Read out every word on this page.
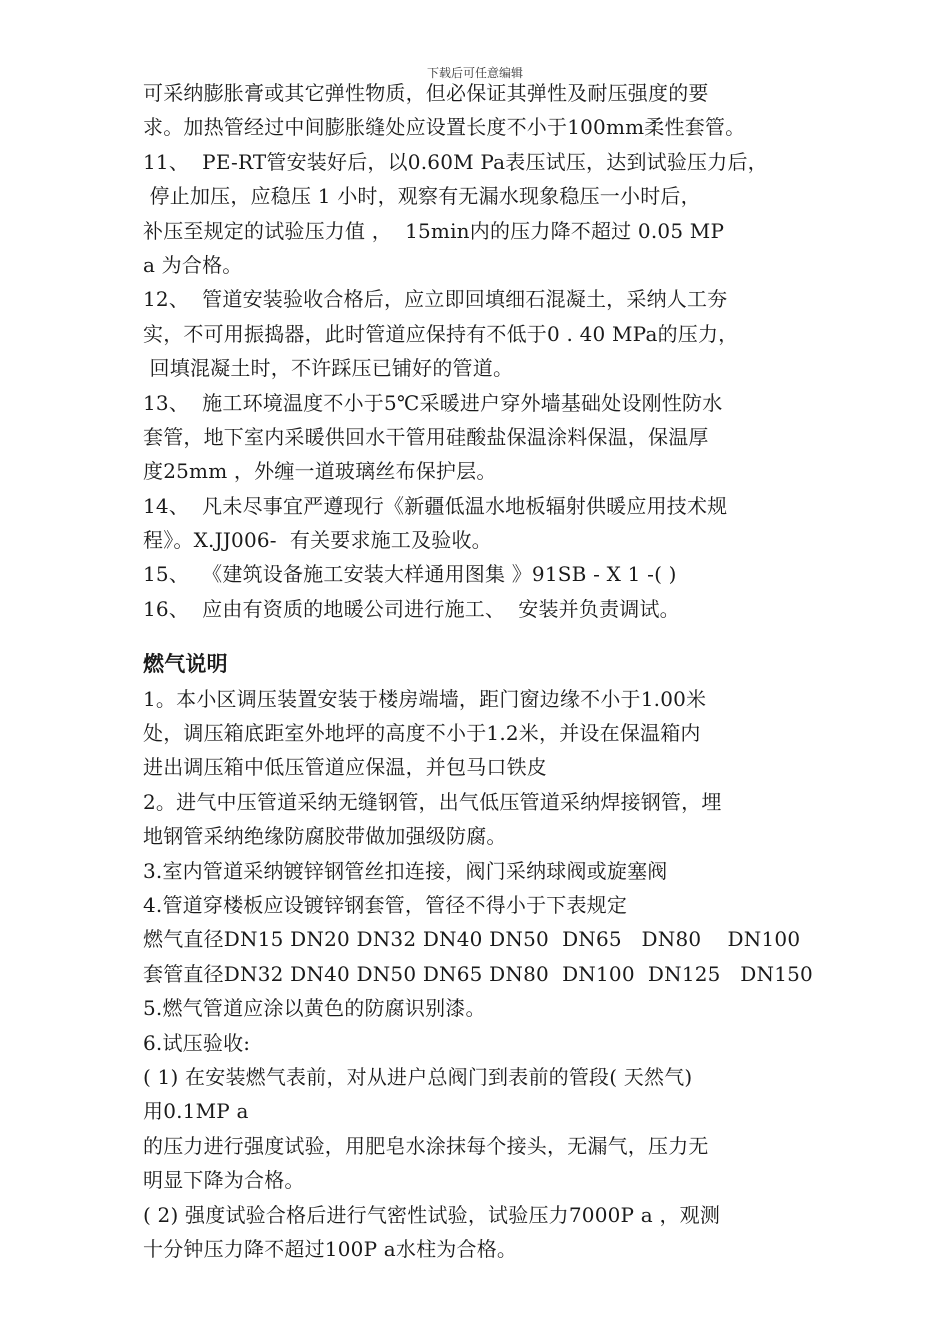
下载后可任意编辑
可采纳膨胀膏或其它弹性物质，但必保证其弹性及耐压强度的要
求。加热管经过中间膨胀缝处应设置长度不小于100mm柔性套管。
11、  PE-RT管安装好后，以0.60M Pa表压试压，达到试验压力后，
停止加压，应稳压 1 小时，观察有无漏水现象稳压一小时后，
补压至规定的试验压力值 ，  15min内的压力降不超过 0.05 MP
a 为合格。
12、  管道安装验收合格后，应立即回填细石混凝土，采纳人工夯
实，不可用振捣器，此时管道应保持有不低于0 . 40 MPa的压力，
回填混凝土时，不许踩压已铺好的管道。
13、  施工环境温度不小于5℃采暖进户穿外墙基础处设刚性防水
套管，地下室内采暖供回水干管用硅酸盐保温涂料保温，保温厚
度25mm ，外缠一道玻璃丝布保护层。
14、  凡未尽事宜严遵现行《新疆低温水地板辐射供暖应用技术规
程》。X.JJ006-  有关要求施工及验收。
15、  《建筑设备施工安装大样通用图集 》91SB - X 1 -( )
16、  应由有资质的地暖公司进行施工、  安装并负责调试。
燃气说明
1。本小区调压装置安装于楼房端墙，距门窗边缘不小于1.00米
处，调压箱底距室外地坪的高度不小于1.2米，并设在保温箱内
进出调压箱中低压管道应保温，并包马口铁皮
2。进气中压管道采纳无缝钢管，出气低压管道采纳焊接钢管，埋
地钢管采纳绝缘防腐胶带做加强级防腐。
3.室内管道采纳镀锌钢管丝扣连接，阀门采纳球阀或旋塞阀
4.管道穿楼板应设镀锌钢套管，管径不得小于下表规定
燃气直径DN15 DN20 DN32 DN40 DN50  DN65   DN80    DN100
套管直径DN32 DN40 DN50 DN65 DN80  DN100  DN125   DN150
5.燃气管道应涂以黄色的防腐识别漆。
6.试压验收:
( 1) 在安装燃气表前，对从进户总阀门到表前的管段( 天然气)
用0.1MP a
的压力进行强度试验，用肥皂水涂抹每个接头，无漏气，压力无
明显下降为合格。
( 2) 强度试验合格后进行气密性试验，试验压力7000P a ，观测
十分钟压力降不超过100P a水柱为合格。
